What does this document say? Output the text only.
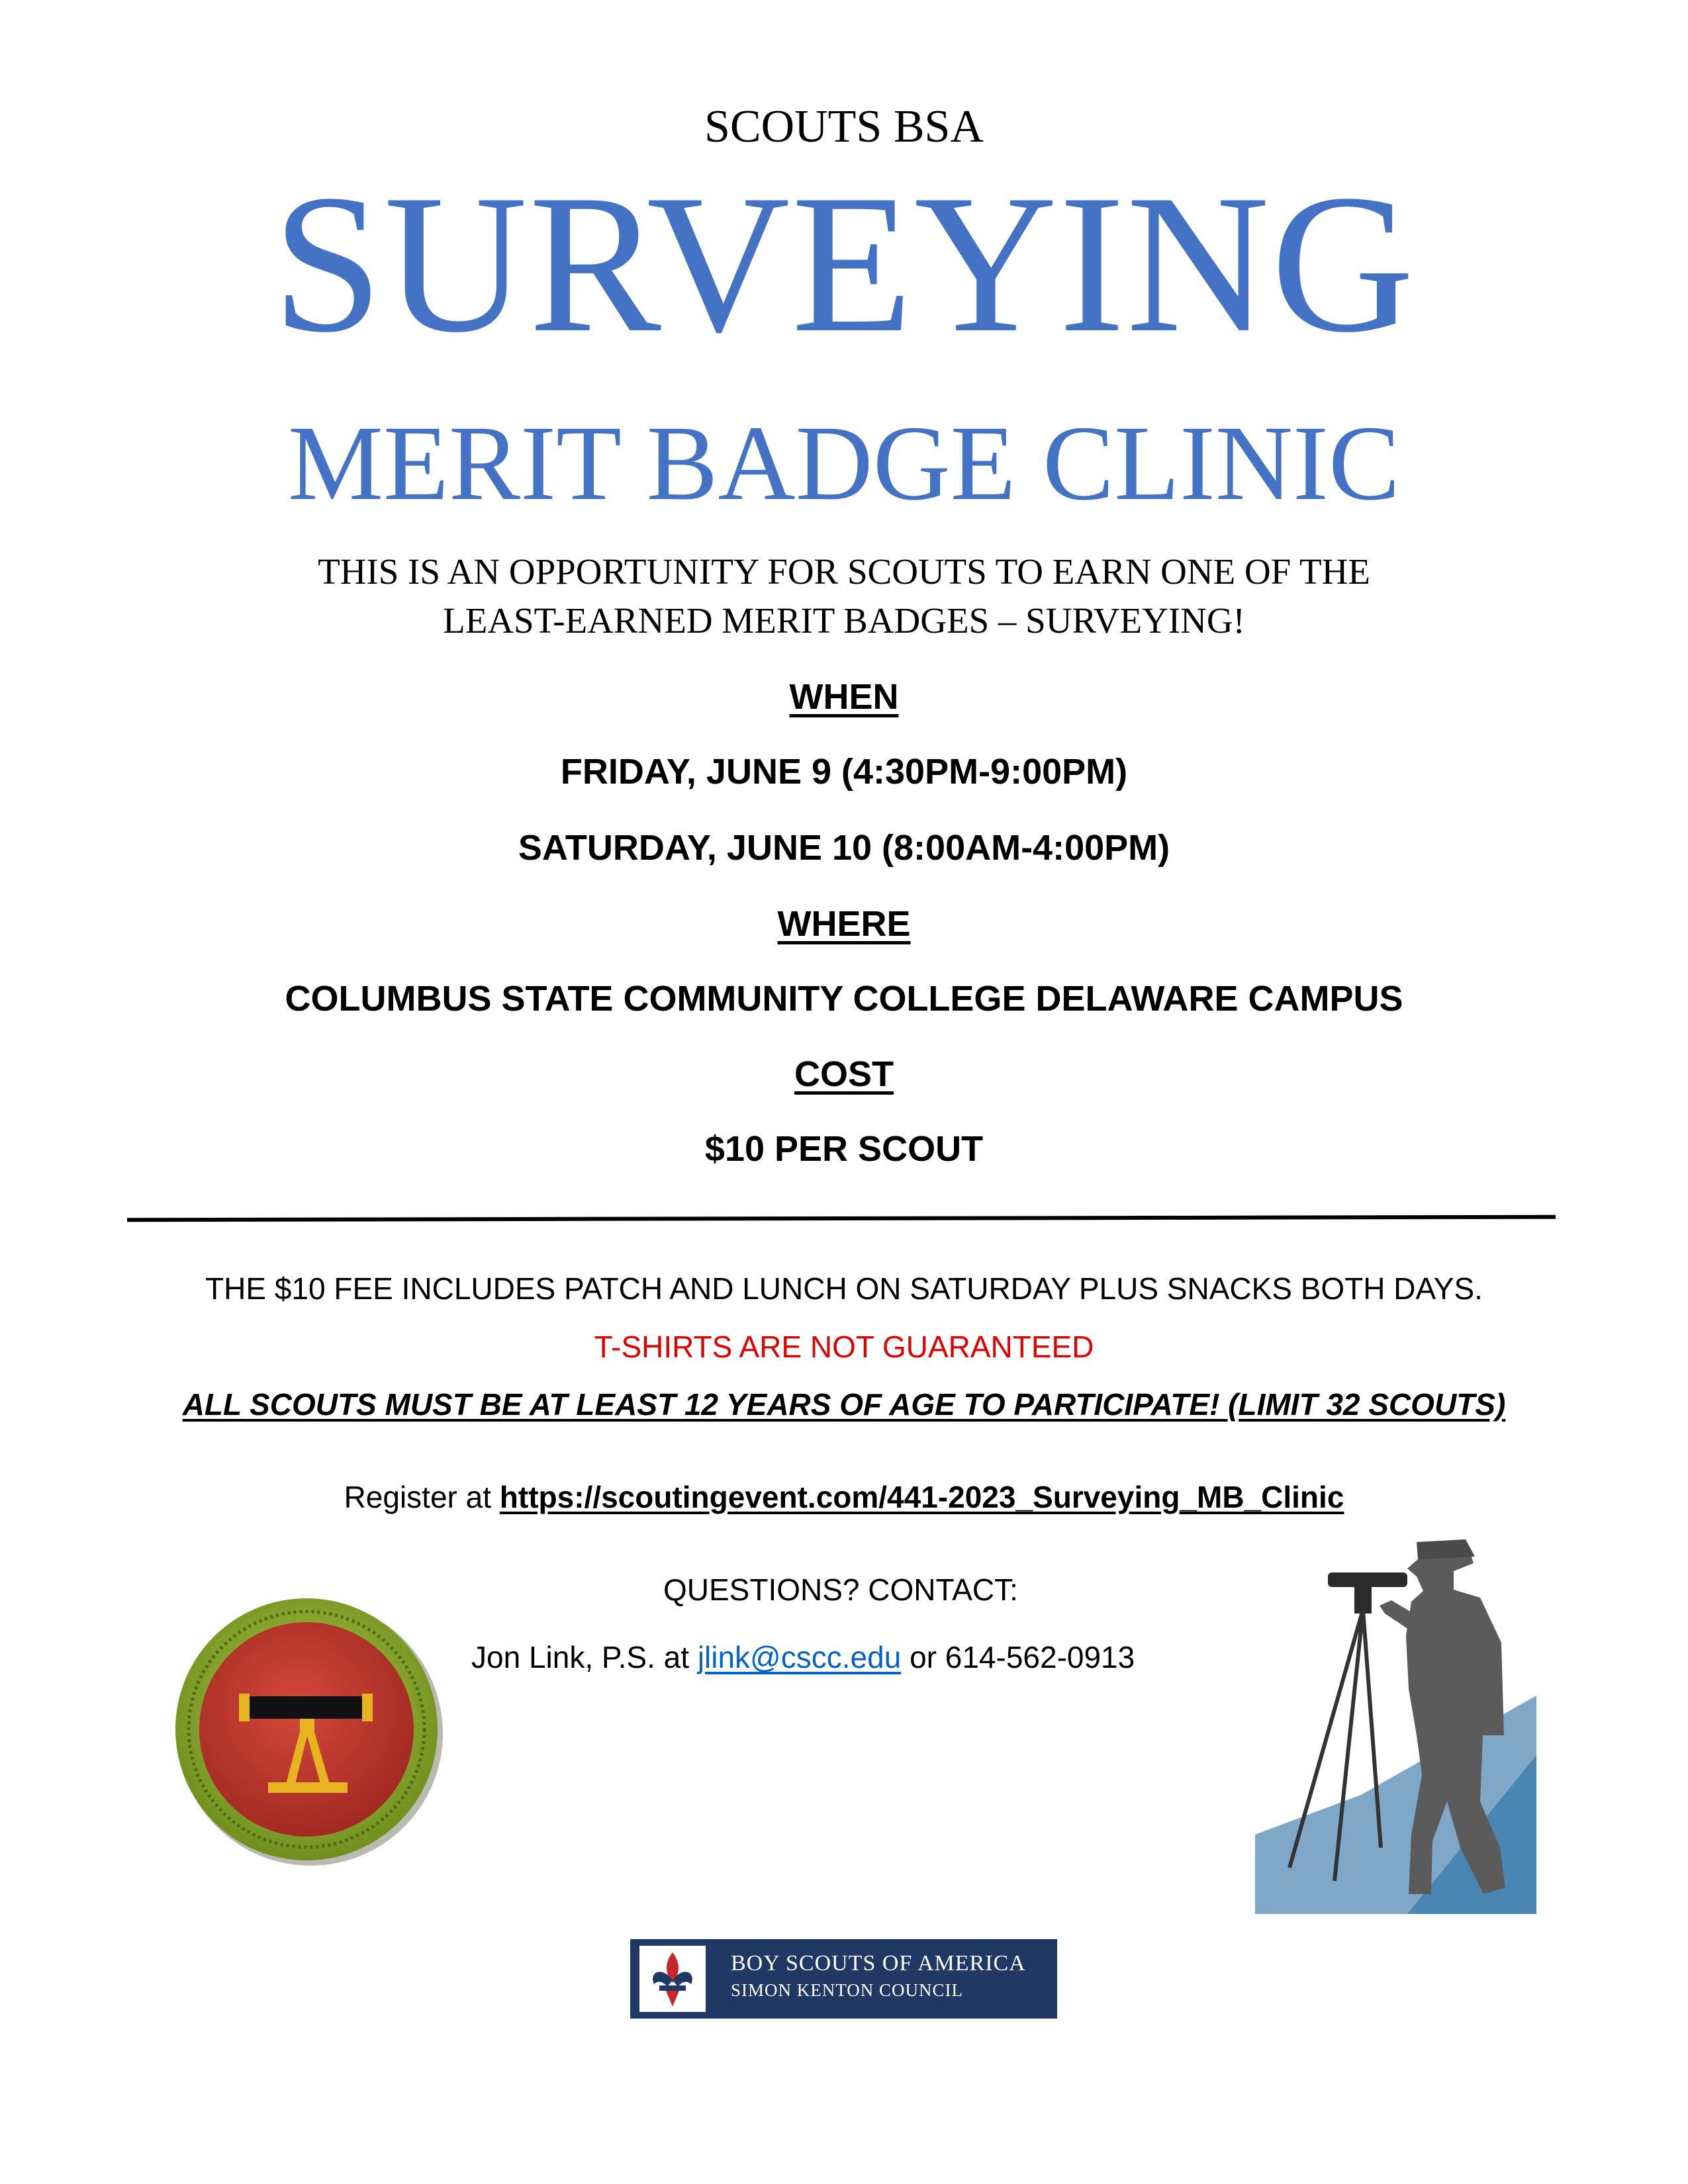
SCOUTS BSA
SURVEYING
MERIT BADGE CLINIC
THIS IS AN OPPORTUNITY FOR SCOUTS TO EARN ONE OF THE
LEAST-EARNED MERIT BADGES – SURVEYING!
WHEN
FRIDAY, JUNE 9 (4:30PM-9:00PM)
SATURDAY, JUNE 10 (8:00AM-4:00PM)
WHERE
COLUMBUS STATE COMMUNITY COLLEGE DELAWARE CAMPUS
COST
$10 PER SCOUT
THE $10 FEE INCLUDES PATCH AND LUNCH ON SATURDAY PLUS SNACKS BOTH DAYS.
T-SHIRTS ARE NOT GUARANTEED
ALL SCOUTS MUST BE AT LEAST 12 YEARS OF AGE TO PARTICIPATE! (LIMIT 32 SCOUTS)
Register at https://scoutingevent.com/441-2023_Surveying_MB_Clinic
QUESTIONS? CONTACT:
Jon Link, P.S. at jlink@cscc.edu or 614-562-0913
BOY SCOUTS OF AMERICA
SIMON KENTON COUNCIL
